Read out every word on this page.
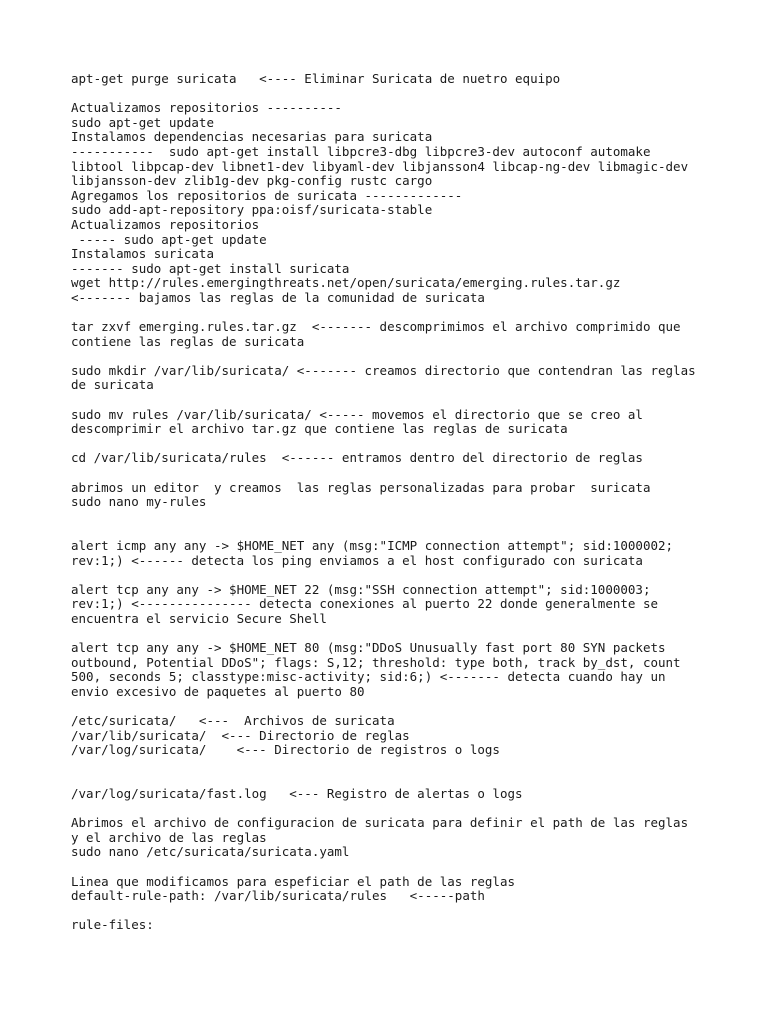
apt-get purge suricata   <---- Eliminar Suricata de nuetro equipo
Actualizamos repositorios ----------
sudo apt-get update
Instalamos dependencias necesarias para suricata
-----------  sudo apt-get install libpcre3-dbg libpcre3-dev autoconf automake
libtool libpcap-dev libnet1-dev libyaml-dev libjansson4 libcap-ng-dev libmagic-dev
libjansson-dev zlib1g-dev pkg-config rustc cargo
Agregamos los repositorios de suricata -------------
sudo add-apt-repository ppa:oisf/suricata-stable
Actualizamos repositorios
----- sudo apt-get update
Instalamos suricata
------- sudo apt-get install suricata
wget http://rules.emergingthreats.net/open/suricata/emerging.rules.tar.gz
<------- bajamos las reglas de la comunidad de suricata
tar zxvf emerging.rules.tar.gz  <------- descomprimimos el archivo comprimido que
contiene las reglas de suricata
sudo mkdir /var/lib/suricata/ <------- creamos directorio que contendran las reglas
de suricata
sudo mv rules /var/lib/suricata/ <----- movemos el directorio que se creo al
descomprimir el archivo tar.gz que contiene las reglas de suricata
cd /var/lib/suricata/rules  <------ entramos dentro del directorio de reglas
abrimos un editor  y creamos  las reglas personalizadas para probar  suricata
sudo nano my-rules
alert icmp any any -> $HOME_NET any (msg:"ICMP connection attempt"; sid:1000002;
rev:1;) <------ detecta los ping enviamos a el host configurado con suricata
alert tcp any any -> $HOME_NET 22 (msg:"SSH connection attempt"; sid:1000003;
rev:1;) <--------------- detecta conexiones al puerto 22 donde generalmente se
encuentra el servicio Secure Shell
alert tcp any any -> $HOME_NET 80 (msg:"DDoS Unusually fast port 80 SYN packets
outbound, Potential DDoS"; flags: S,12; threshold: type both, track by_dst, count
500, seconds 5; classtype:misc-activity; sid:6;) <------- detecta cuando hay un
envio excesivo de paquetes al puerto 80
/etc/suricata/   <---  Archivos de suricata
/var/lib/suricata/  <--- Directorio de reglas
/var/log/suricata/    <--- Directorio de registros o logs
/var/log/suricata/fast.log   <--- Registro de alertas o logs
Abrimos el archivo de configuracion de suricata para definir el path de las reglas
y el archivo de las reglas
sudo nano /etc/suricata/suricata.yaml
Linea que modificamos para espeficiar el path de las reglas
default-rule-path: /var/lib/suricata/rules   <-----path
rule-files:
